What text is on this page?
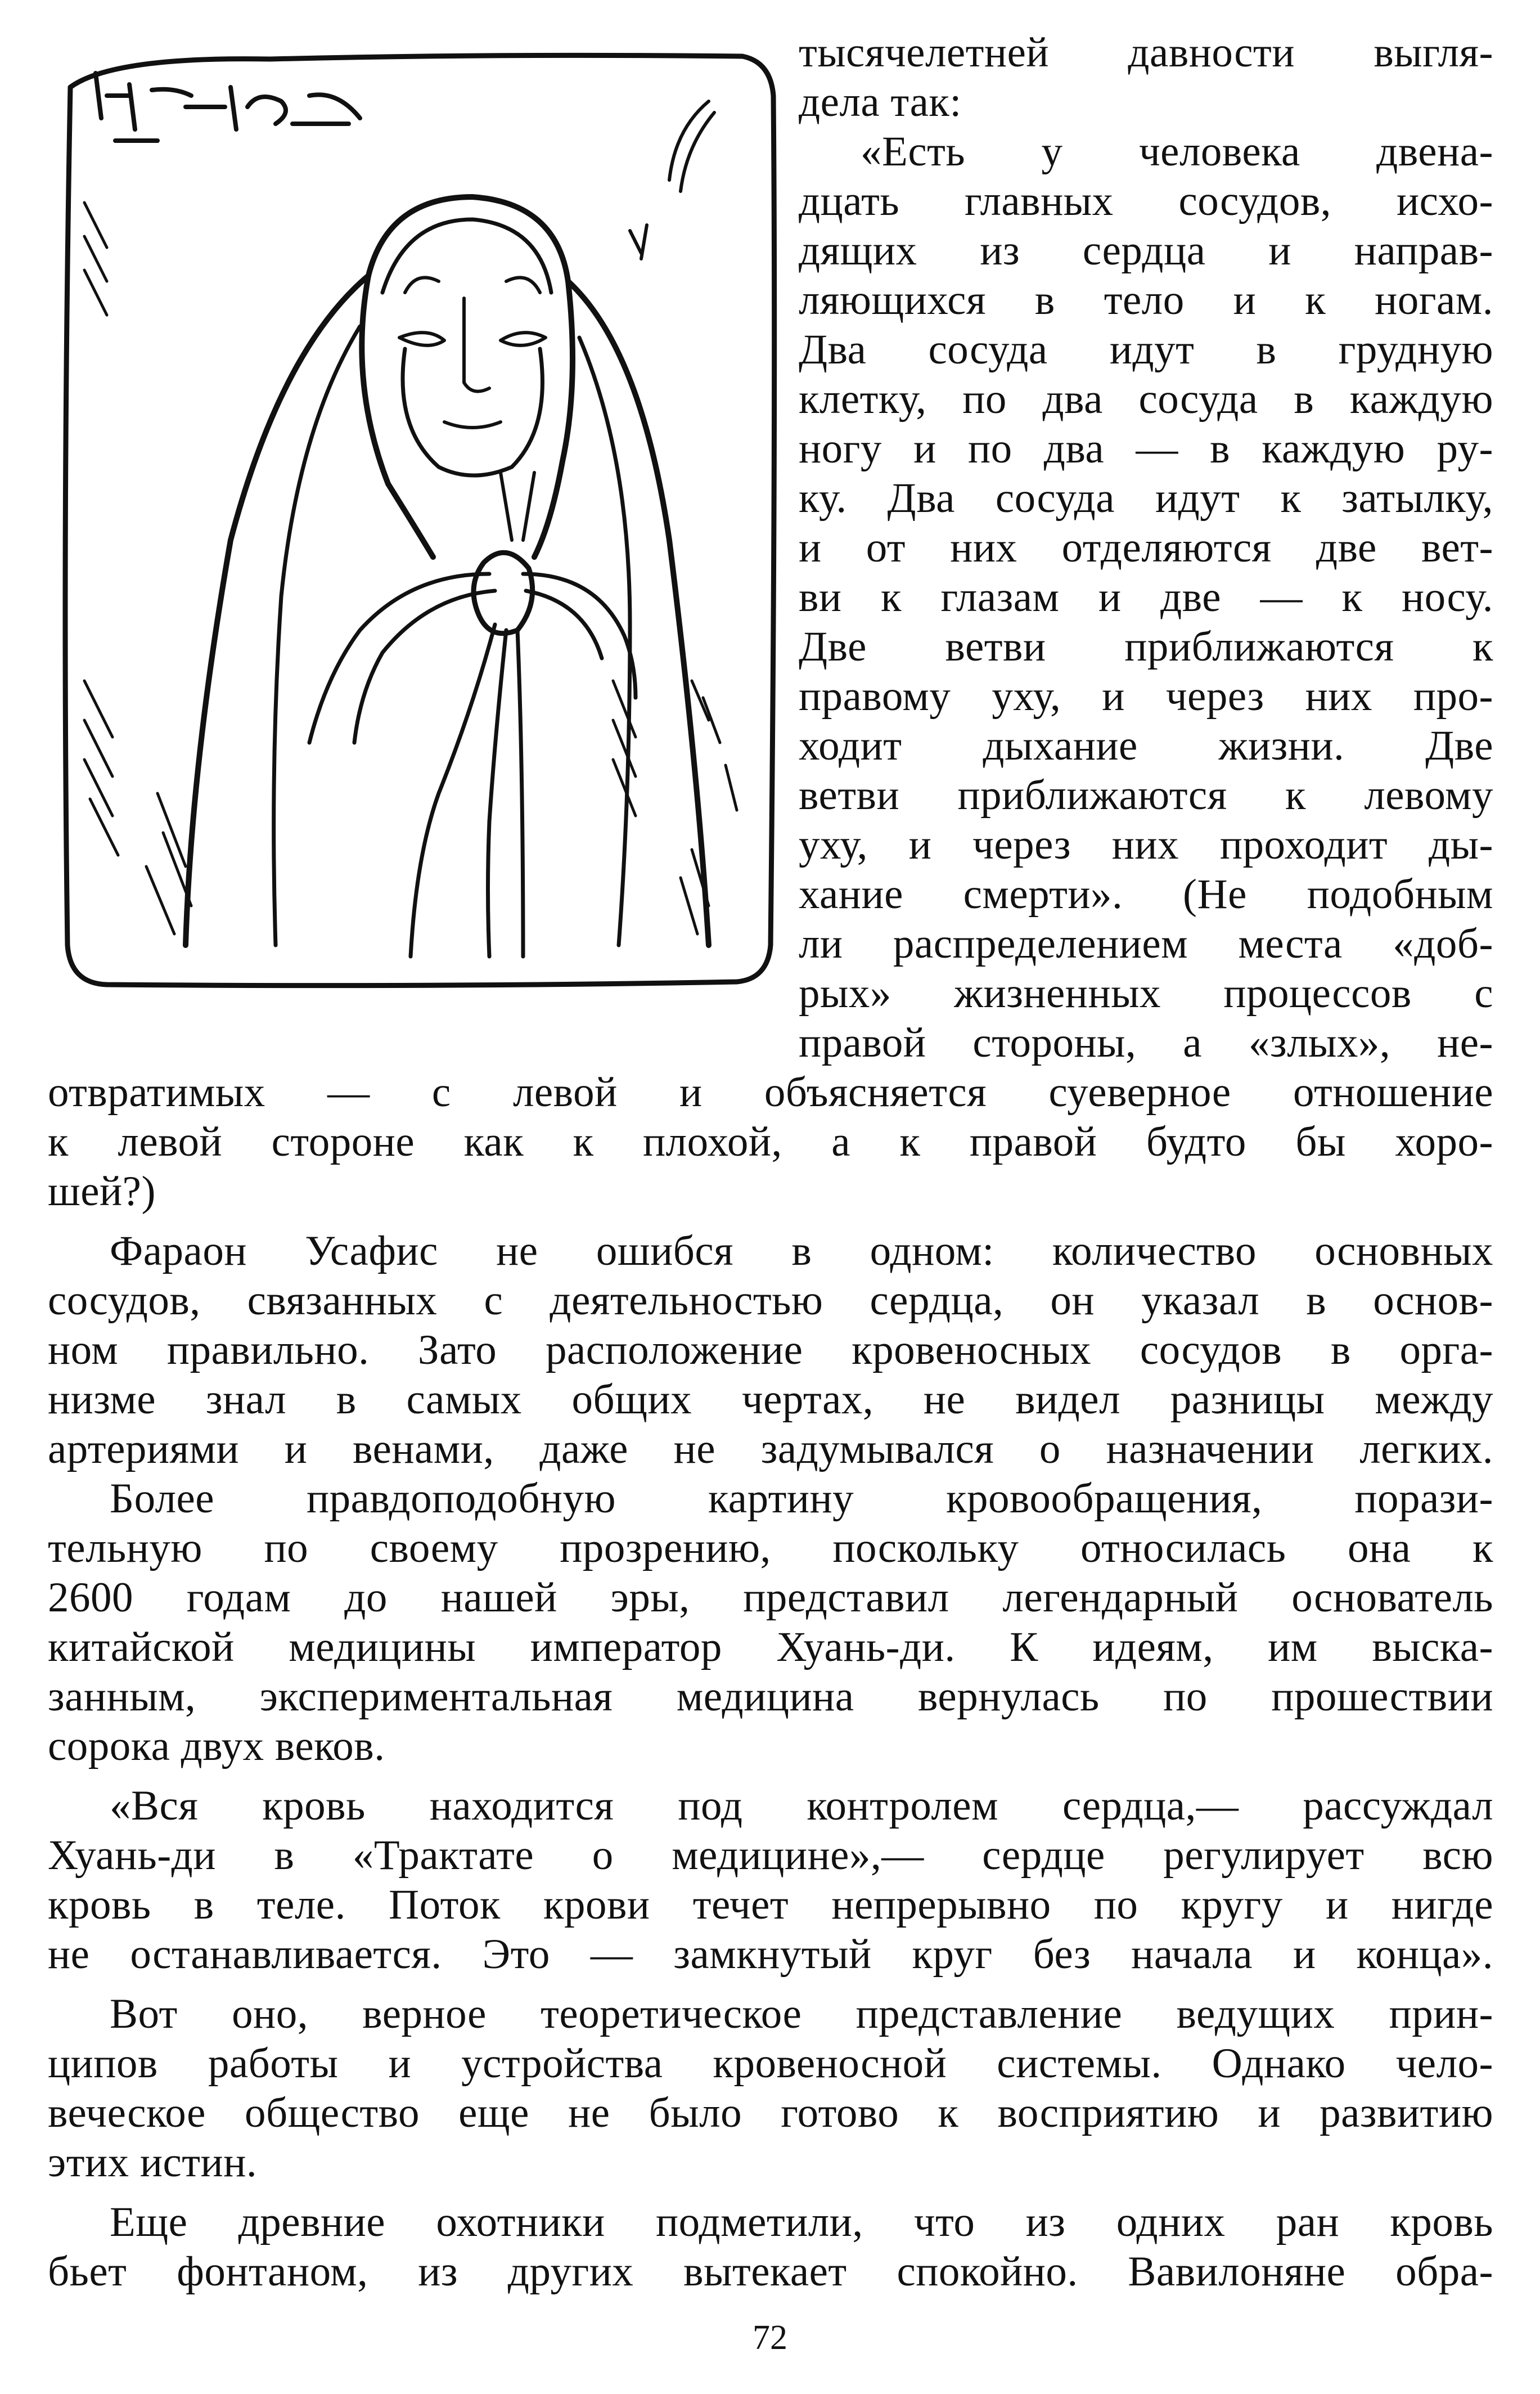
тысячелетней давности выгля-
дела так:
«Есть у человека двена-
дцать главных сосудов, исхо-
дящих из сердца и направ-
ляющихся в тело и к ногам.
Два сосуда идут в грудную
клетку, по два сосуда в каждую
ногу и по два — в каждую ру-
ку. Два сосуда идут к затылку,
и от них отделяются две вет-
ви к глазам и две — к носу.
Две ветви приближаются к
правому уху, и через них про-
ходит дыхание жизни. Две
ветви приближаются к левому
уху, и через них проходит ды-
хание смерти». (Не подобным
ли распределением места «доб-
рых» жизненных процессов с
правой стороны, а «злых», не-
отвратимых — с левой и объясняется суеверное отношение
к левой стороне как к плохой, а к правой будто бы хоро-
шей?)
Фараон Усафис не ошибся в одном: количество основных
сосудов, связанных с деятельностью сердца, он указал в основ-
ном правильно. Зато расположение кровеносных сосудов в орга-
низме знал в самых общих чертах, не видел разницы между
артериями и венами, даже не задумывался о назначении легких.
Более правдоподобную картину кровообращения, порази-
тельную по своему прозрению, поскольку относилась она к
2600 годам до нашей эры, представил легендарный основатель
китайской медицины император Хуань-ди. К идеям, им выска-
занным, экспериментальная медицина вернулась по прошествии
сорока двух веков.
«Вся кровь находится под контролем сердца,— рассуждал
Хуань-ди в «Трактате о медицине»,— сердце регулирует всю
кровь в теле. Поток крови течет непрерывно по кругу и нигде
не останавливается. Это — замкнутый круг без начала и конца».
Вот оно, верное теоретическое представление ведущих прин-
ципов работы и устройства кровеносной системы. Однако чело-
веческое общество еще не было готово к восприятию и развитию
этих истин.
Еще древние охотники подметили, что из одних ран кровь
бьет фонтаном, из других вытекает спокойно. Вавилоняне обра-
72
